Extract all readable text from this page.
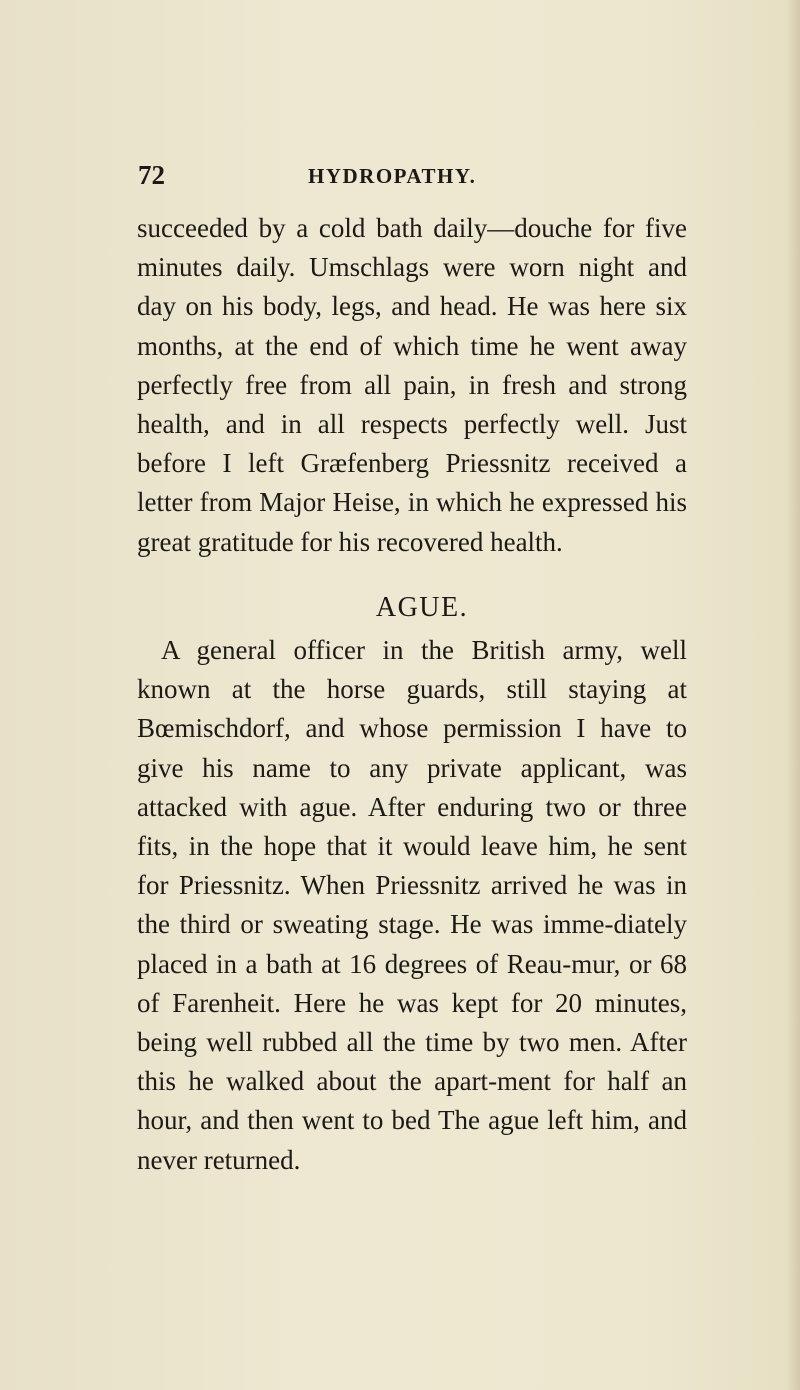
72	HYDROPATHY.

succeeded by a cold bath daily—douche for five minutes daily. Umschlags were worn night and day on his body, legs, and head. He was here six months, at the end of which time he went away perfectly free from all pain, in fresh and strong health, and in all respects perfectly well. Just before I left Græfenberg Priessnitz received a letter from Major Heise, in which he expressed his great gratitude for his recovered health.

AGUE.

A general officer in the British army, well known at the horse guards, still staying at Bœmischdorf, and whose permission I have to give his name to any private applicant, was attacked with ague. After enduring two or three fits, in the hope that it would leave him, he sent for Priessnitz. When Priessnitz arrived he was in the third or sweating stage. He was imme-diately placed in a bath at 16 degrees of Reau-mur, or 68 of Farenheit. Here he was kept for 20 minutes, being well rubbed all the time by two men. After this he walked about the apart-ment for half an hour, and then went to bed The ague left him, and never returned.
